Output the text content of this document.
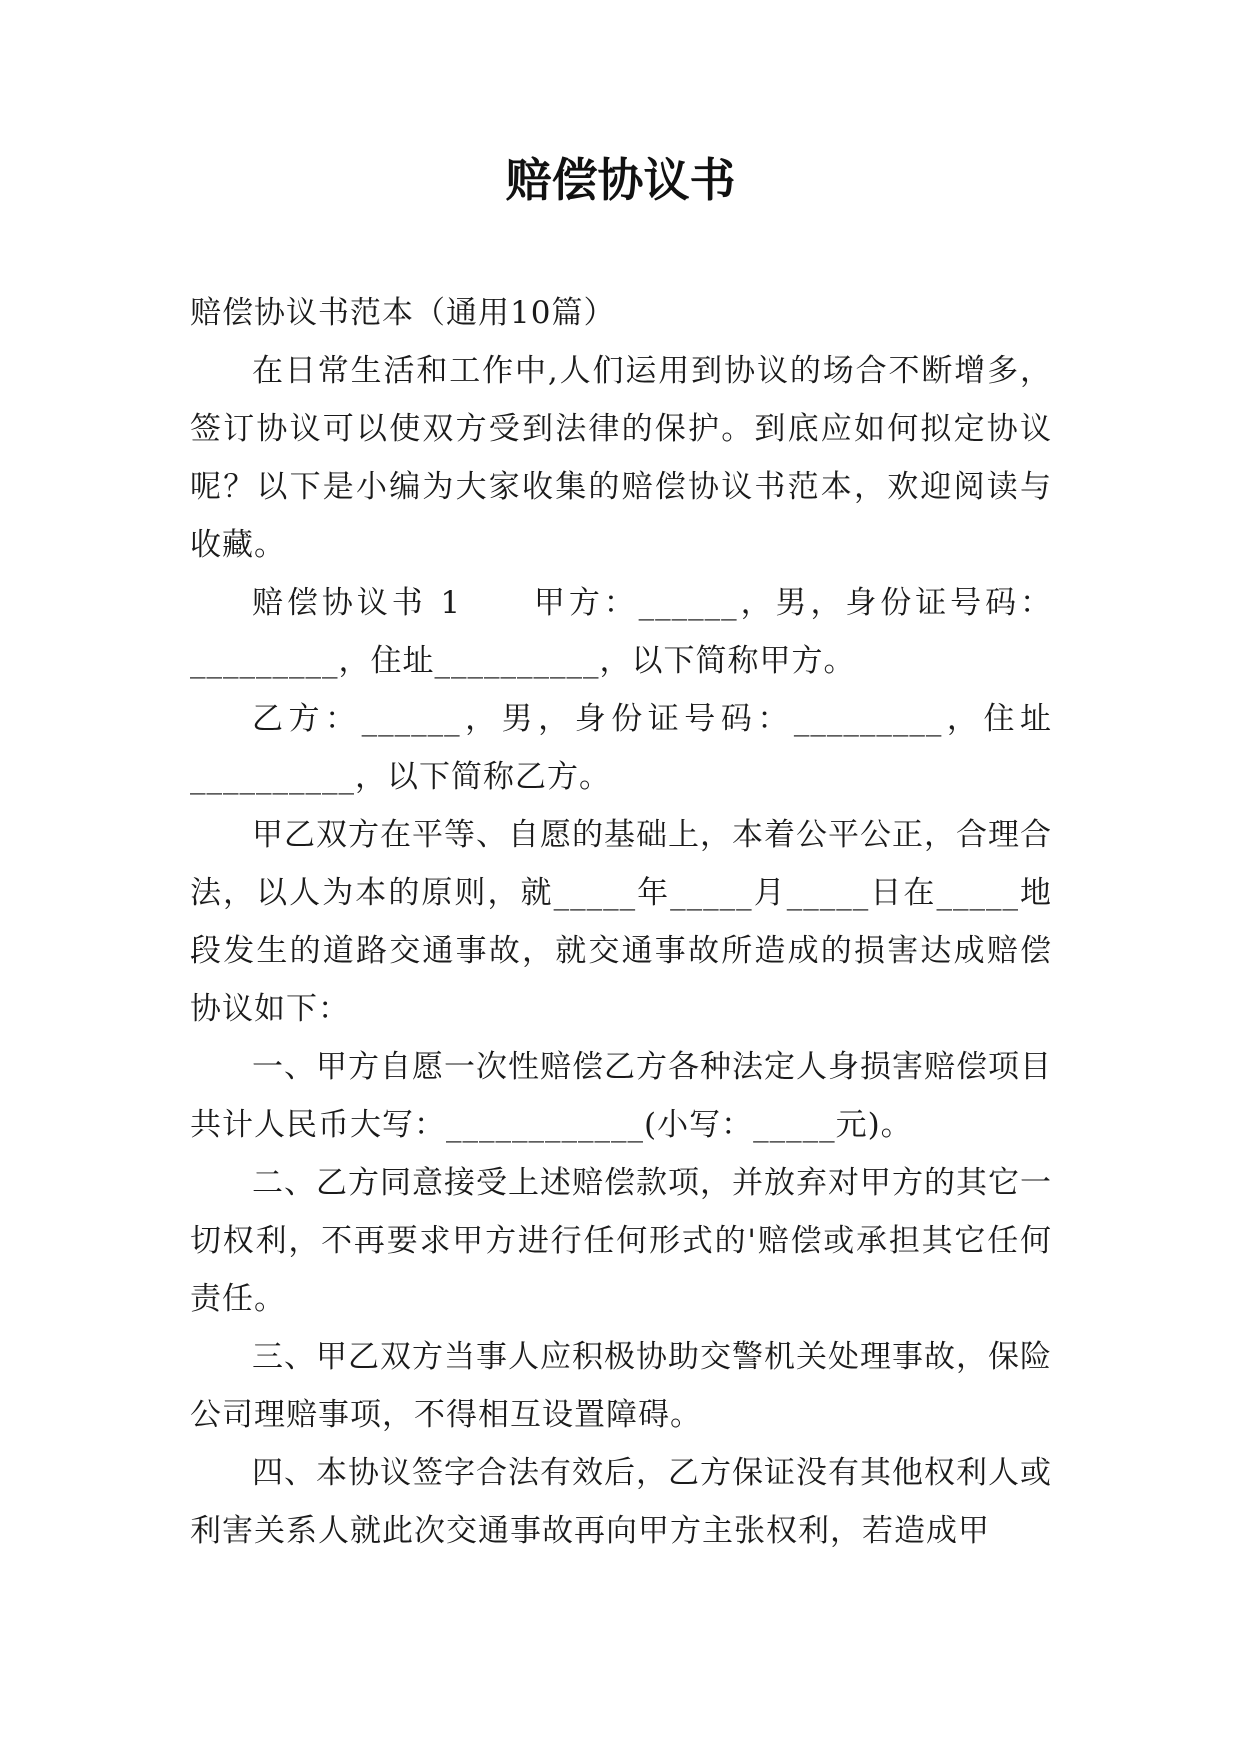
赔偿协议书

赔偿协议书范本（通用10篇）

在日常生活和工作中,人们运用到协议的场合不断增多，签订协议可以使双方受到法律的保护。到底应如何拟定协议呢？以下是小编为大家收集的赔偿协议书范本，欢迎阅读与收藏。

赔偿协议书 1　　甲方：______，男，身份证号码：_________，住址__________，以下简称甲方。

乙方：______，男，身份证号码：_________，住址__________，以下简称乙方。

甲乙双方在平等、自愿的基础上，本着公平公正，合理合法，以人为本的原则，就_____年_____月_____日在_____地段发生的道路交通事故，就交通事故所造成的损害达成赔偿协议如下：

一、甲方自愿一次性赔偿乙方各种法定人身损害赔偿项目共计人民币大写：____________(小写：_____元)。

二、乙方同意接受上述赔偿款项，并放弃对甲方的其它一切权利，不再要求甲方进行任何形式的'赔偿或承担其它任何责任。

三、甲乙双方当事人应积极协助交警机关处理事故，保险公司理赔事项，不得相互设置障碍。

四、本协议签字合法有效后，乙方保证没有其他权利人或利害关系人就此次交通事故再向甲方主张权利，若造成甲
